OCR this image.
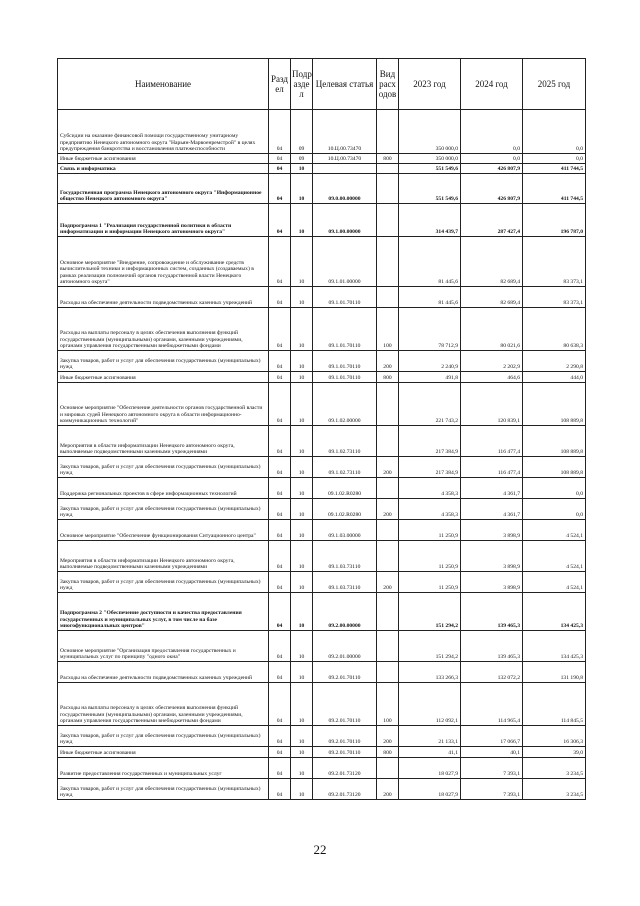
Наименование	Разд ел	Подр азде л	Целевая статья	Вид расх одов	2023 год	2024 год	2025 год
Субсидии на оказание финансовой помощи государственному унитарному предприятию Ненецкого автономного округа "Нарьян-Марвоенремстрой" в целях предупреждения банкротства и восстановления платежеспособности	04	09	10.Ц.00.73470		350 000,0	0,0	0,0
Иные бюджетные ассигнования	04	09	10.Ц.00.73470	800	350 000,0	0,0	0,0
Связь и информатика	04	10			551 549,6	426 807,9	411 744,5
Государственная программа Ненецкого автономного округа "Информационное общество Ненецкого автономного округа"	04	10	09.0.00.00000		551 549,6	426 807,9	411 744,5
Подпрограмма 1 "Реализация государственной политики в области информатизации и информации Ненецкого автономного округа"	04	10	09.1.00.00000		314 439,7	287 427,4	196 787,0
Основное мероприятие "Внедрение, сопровождение и обслуживание средств вычислительной техники и информационных систем, созданных (создаваемых) в рамках реализации полномочий органов государственной власти Ненецкого автономного округа"	04	10	09.1.01.00000		81 445,6	82 689,4	83 373,1
Расходы на обеспечение деятельности подведомственных казенных учреждений	04	10	09.1.01.70110		81 445,6	82 689,4	83 373,1
Расходы на выплаты персоналу в целях обеспечения выполнения функций государственными (муниципальными) органами, казенными учреждениями, органами управления государственными внебюджетными фондами	04	10	09.1.01.70110	100	78 712,9	80 021,6	80 638,3
Закупка товаров, работ и услуг для обеспечения государственных (муниципальных) нужд	04	10	09.1.01.70110	200	2 240,9	2 202,9	2 290,8
Иные бюджетные ассигнования	04	10	09.1.01.70110	800	491,8	464,6	444,0
Основное мероприятие "Обеспечение деятельности органов государственной власти и мировых судей Ненецкого автономного округа в области информационно-коммуникационных технологий"	04	10	09.1.02.00000		221 743,2	120 839,1	108 889,8
Мероприятия в области информатизации Ненецкого автономного округа, выполняемые подведомственными казенными учреждениями	04	10	09.1.02.73110		217 384,9	116 477,4	108 889,8
Закупка товаров, работ и услуг для обеспечения государственных (муниципальных) нужд	04	10	09.1.02.73110	200	217 384,9	116 477,4	108 889,8
Поддержка региональных проектов в сфере информационных технологий	04	10	09.1.02.R0280		4 358,3	4 361,7	0,0
Закупка товаров, работ и услуг для обеспечения государственных (муниципальных) нужд	04	10	09.1.02.R0280	200	4 358,3	4 361,7	0,0
Основное мероприятие "Обеспечение функционирования Ситуационного центра"	04	10	09.1.03.00000		11 250,9	3 898,9	4 524,1
Мероприятия в области информатизации Ненецкого автономного округа, выполняемые подведомственными казенными учреждениями	04	10	09.1.03.73110		11 250,9	3 898,9	4 524,1
Закупка товаров, работ и услуг для обеспечения государственных (муниципальных) нужд	04	10	09.1.03.73110	200	11 250,9	3 898,9	4 524,1
Подпрограмма 2 "Обеспечение доступности и качества предоставления государственных и муниципальных услуг, в том числе на базе многофункциональных центров"	04	10	09.2.00.00000		151 294,2	139 465,3	134 425,3
Основное мероприятие "Организация предоставления государственных и муниципальных услуг по принципу "одного окна"	04	10	09.2.01.00000		151 294,2	139 465,3	134 425,3
Расходы на обеспечение деятельности подведомственных казенных учреждений	04	10	09.2.01.70110		133 266,3	132 072,2	131 190,8
Расходы на выплаты персоналу в целях обеспечения выполнения функций государственными (муниципальными) органами, казенными учреждениями, органами управления государственными внебюджетными фондами	04	10	09.2.01.70110	100	112 092,1	114 965,4	114 845,5
Закупка товаров, работ и услуг для обеспечения государственных (муниципальных) нужд	04	10	09.2.01.70110	200	21 133,1	17 066,7	16 306,3
Иные бюджетные ассигнования	04	10	09.2.01.70110	800	41,1	40,1	39,0
Развитие предоставления государственных и муниципальных услуг	04	10	09.2.01.73120		18 027,9	7 393,1	3 234,5
Закупка товаров, работ и услуг для обеспечения государственных (муниципальных) нужд	04	10	09.2.01.73120	200	18 027,9	7 393,1	3 234,5
22
